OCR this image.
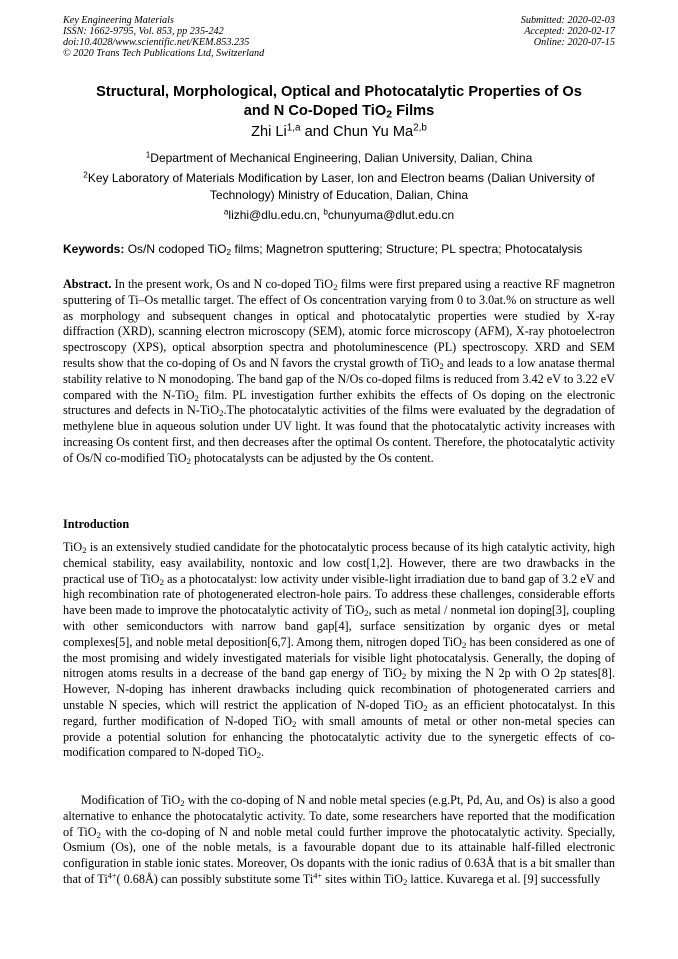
Key Engineering Materials
ISSN: 1662-9795, Vol. 853, pp 235-242
doi:10.4028/www.scientific.net/KEM.853.235
© 2020 Trans Tech Publications Ltd, Switzerland
Submitted: 2020-02-03
Accepted: 2020-02-17
Online: 2020-07-15
Structural, Morphological, Optical and Photocatalytic Properties of Os
and N Co-Doped TiO$_2$ Films
Zhi Li$^{1,a}$ and Chun Yu Ma$^{2,b}$
$^1$Department of Mechanical Engineering, Dalian University, Dalian, China
$^2$Key Laboratory of Materials Modification by Laser, Ion and Electron beams (Dalian University of Technology) Ministry of Education, Dalian, China
$^a$lizhi@dlu.edu.cn, $^b$chunyuma@dlut.edu.cn
Keywords: Os/N codoped TiO$_2$ films; Magnetron sputtering; Structure; PL spectra; Photocatalysis

Abstract. In the present work, Os and N co-doped TiO$_2$ films were first prepared using a reactive RF magnetron sputtering of Ti–Os metallic target. The effect of Os concentration varying from 0 to 3.0at.% on structure as well as morphology and subsequent changes in optical and photocatalytic properties were studied by X-ray diffraction (XRD), scanning electron microscopy (SEM), atomic force microscopy (AFM), X-ray photoelectron spectroscopy (XPS), optical absorption spectra and photoluminescence (PL) spectroscopy. XRD and SEM results show that the co-doping of Os and N favors the crystal growth of TiO$_2$ and leads to a low anatase thermal stability relative to N monodoping. The band gap of the N/Os co-doped films is reduced from 3.42 eV to 3.22 eV compared with the N-TiO$_2$ film. PL investigation further exhibits the effects of Os doping on the electronic structures and defects in N-TiO$_2$.The photocatalytic activities of the films were evaluated by the degradation of methylene blue in aqueous solution under UV light. It was found that the photocatalytic activity increases with increasing Os content first, and then decreases after the optimal Os content. Therefore, the photocatalytic activity of Os/N co-modified TiO$_2$ photocatalysts can be adjusted by the Os content.

Introduction

TiO$_2$ is an extensively studied candidate for the photocatalytic process because of its high catalytic activity, high chemical stability, easy availability, nontoxic and low cost[1,2]. However, there are two drawbacks in the practical use of TiO$_2$ as a photocatalyst: low activity under visible-light irradiation due to band gap of 3.2 eV and high recombination rate of photogenerated electron-hole pairs. To address these challenges, considerable efforts have been made to improve the photocatalytic activity of TiO$_2$, such as metal / nonmetal ion doping[3], coupling with other semiconductors with narrow band gap[4], surface sensitization by organic dyes or metal complexes[5], and noble metal deposition[6,7]. Among them, nitrogen doped TiO$_2$ has been considered as one of the most promising and widely investigated materials for visible light photocatalysis. Generally, the doping of nitrogen atoms results in a decrease of the band gap energy of TiO$_2$ by mixing the N 2p with O 2p states[8]. However, N-doping has inherent drawbacks including quick recombination of photogenerated carriers and unstable N species, which will restrict the application of N-doped TiO$_2$ as an efficient photocatalyst. In this regard, further modification of N-doped TiO$_2$ with small amounts of metal or other non-metal species can provide a potential solution for enhancing the photocatalytic activity due to the synergetic effects of co-modification compared to N-doped TiO$_2$.

Modification of TiO$_2$ with the co-doping of N and noble metal species (e.g.Pt, Pd, Au, and Os) is also a good alternative to enhance the photocatalytic activity. To date, some researchers have reported that the modification of TiO$_2$ with the co-doping of N and noble metal could further improve the photocatalytic activity. Specially, Osmium (Os), one of the noble metals, is a favourable dopant due to its attainable half-filled electronic configuration in stable ionic states. Moreover, Os dopants with the ionic radius of 0.63Å that is a bit smaller than that of $Ti^{4+}$( 0.68Å) can possibly substitute some $Ti^{4+}$ sites within TiO$_2$ lattice. Kuvarega et al. [9] successfully
